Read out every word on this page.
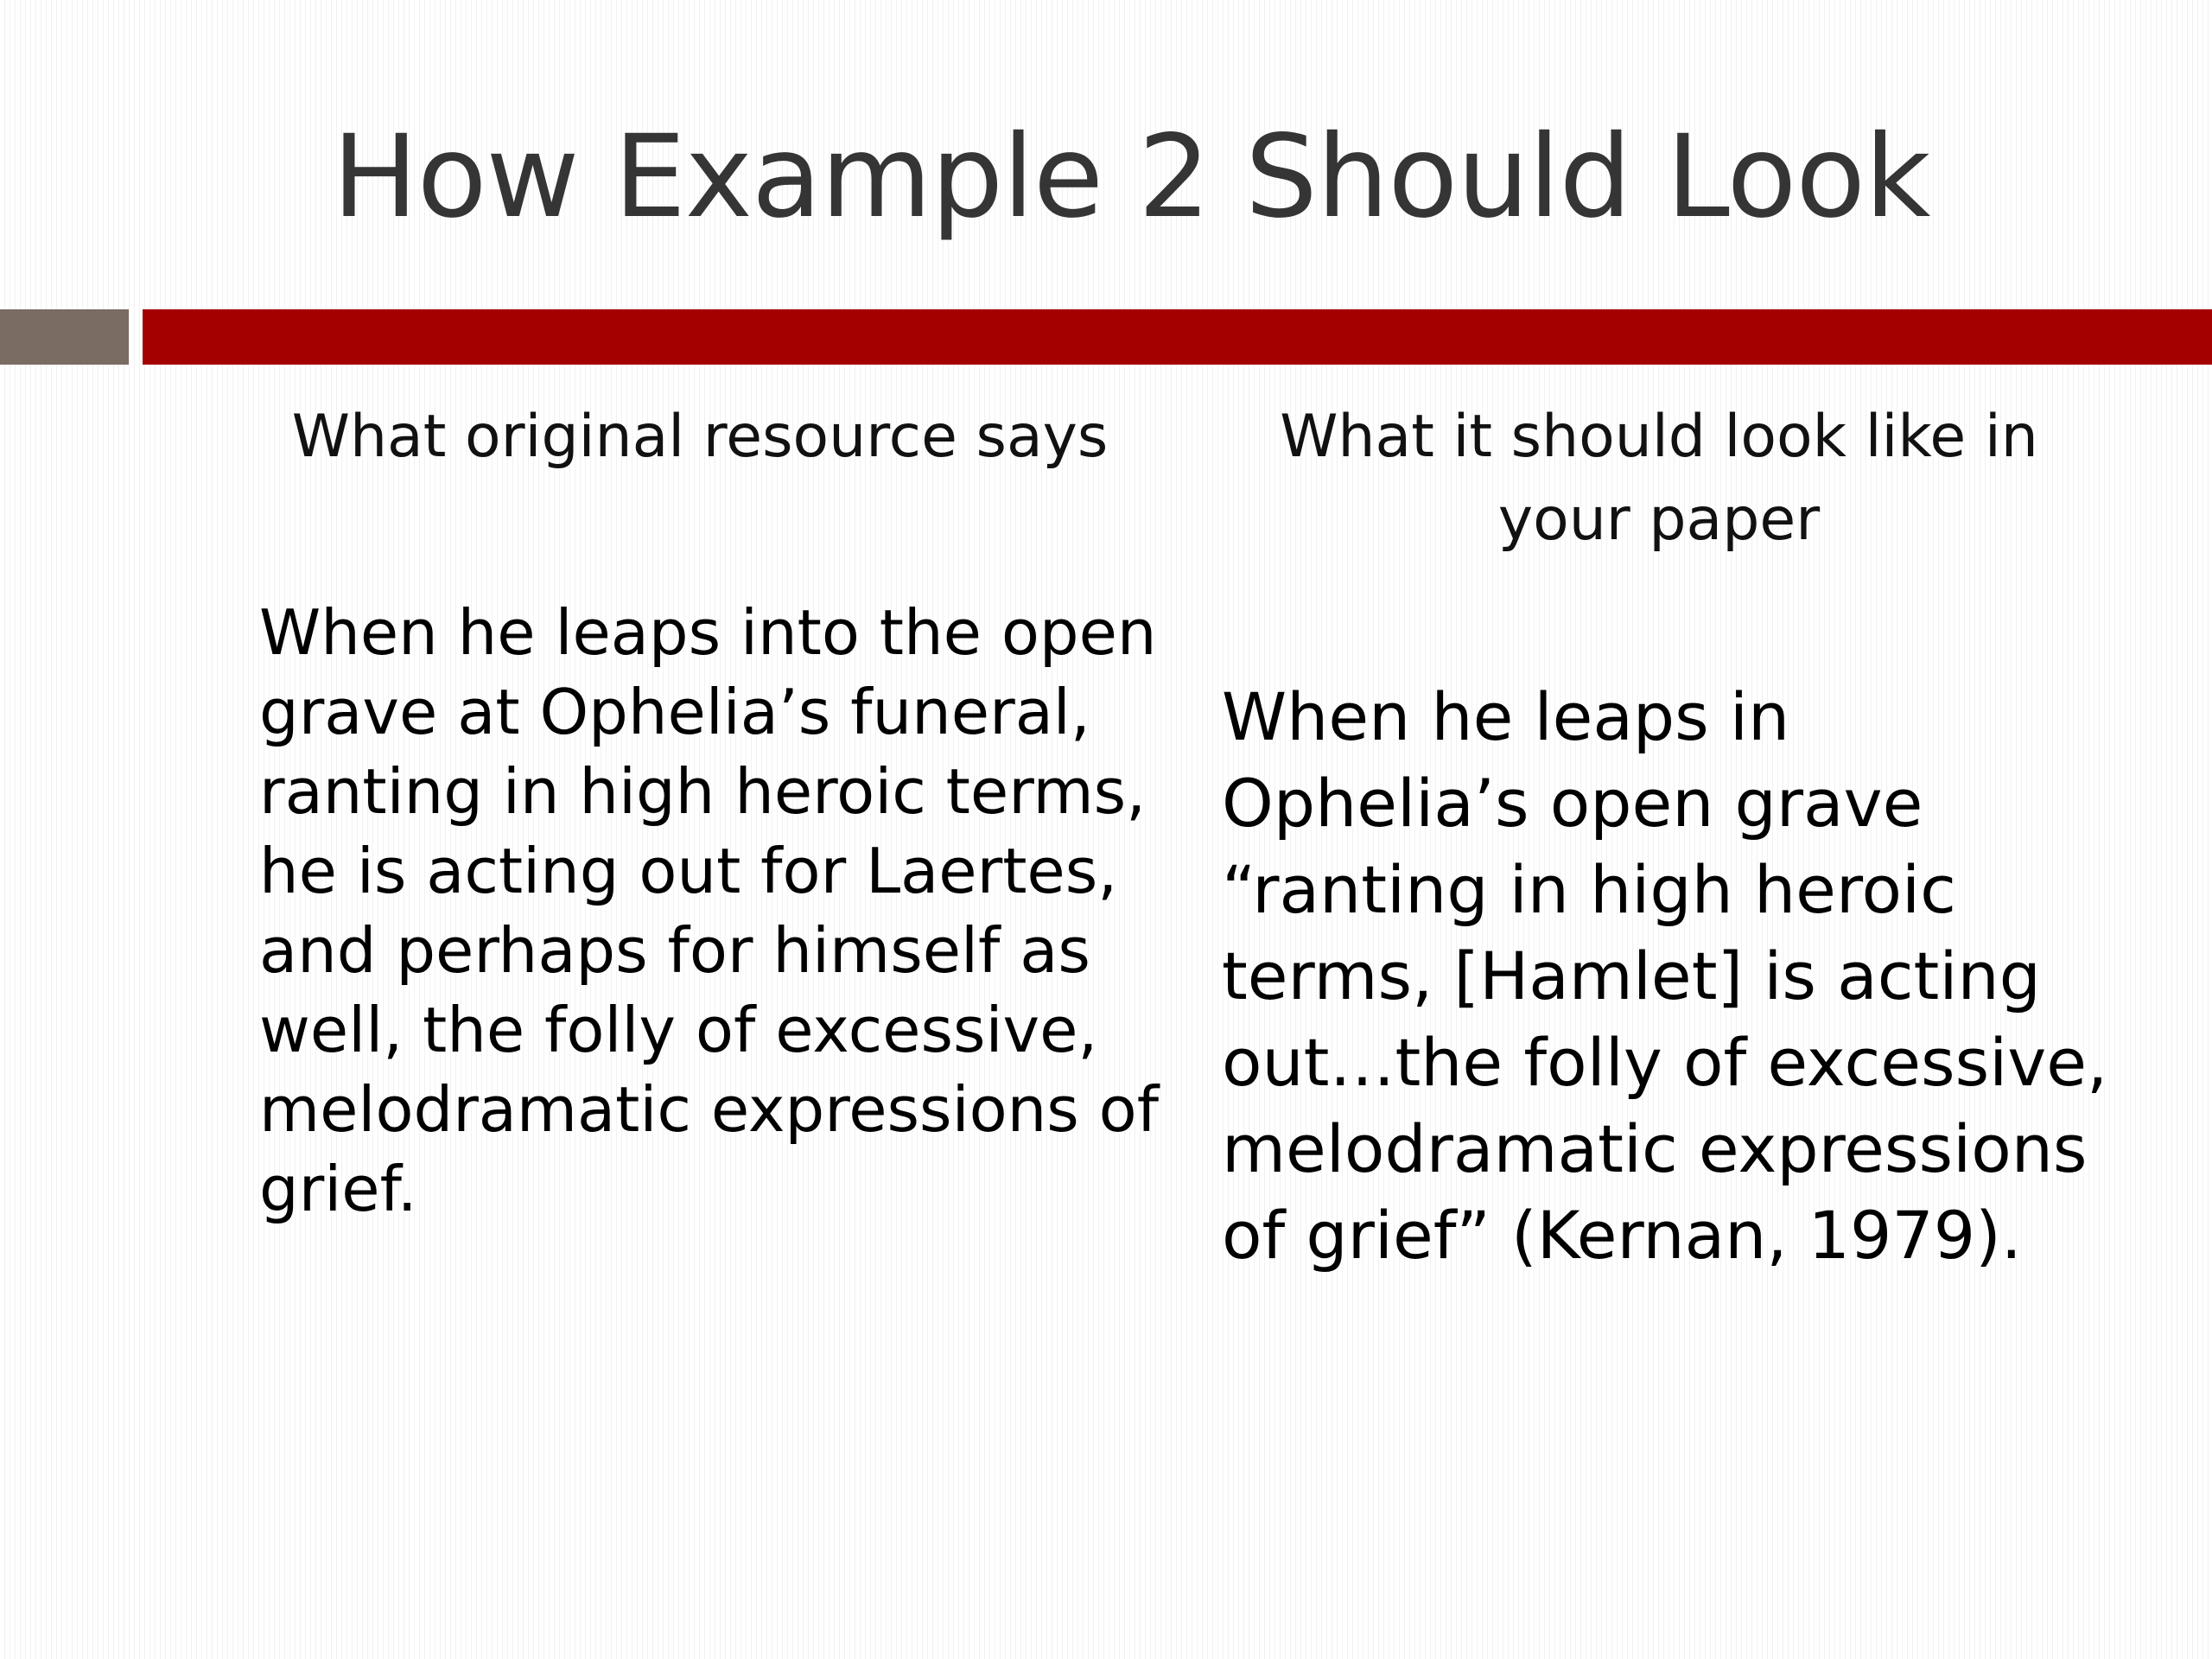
How Example 2 Should Look
What original resource says	What it should look like in
your paper
When he leaps into the open
grave at Ophelia’s funeral,
ranting in high heroic terms,
he is acting out for Laertes,
and perhaps for himself as
well, the folly of excessive,
melodramatic expressions of
grief.
When he leaps in
Ophelia’s open grave
“ranting in high heroic
terms, [Hamlet] is acting
out…the folly of excessive,
melodramatic expressions
of grief” (Kernan, 1979).
